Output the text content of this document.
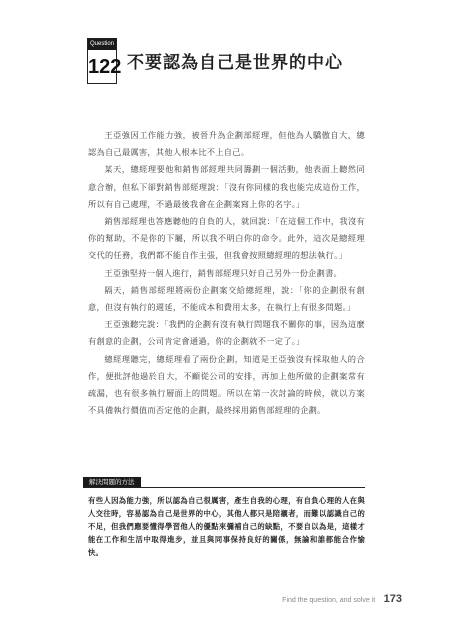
Question
122 不要認為自己是世界的中心

王亞強因工作能力強，被晉升為企劃部經理，但他為人驕傲自大，總認為自己最厲害，其他人根本比不上自己。

某天，總經理要他和銷售部經理共同籌劃一個活動，他表面上聽然同意合辦，但私下卻對銷售部經理說：「沒有你同樣的我也能完成這份工作，所以有自己處理，不過最後我會在企劃案寫上你的名字。」

銷售部經理也答應聽他的自負的人，就回說：「在這個工作中，我沒有你的幫助，不是你的下屬，所以我不明白你的命令。此外，這次是總經理交代的任務，我們都不能自作主張，但我會按照總經理的想法執行。」

王亞強堅持一個人進行，銷售部經理只好自己另外一份企劃書。

隔天，銷售部經理將兩份企劃案交給總經理，說：「你的企劃很有創意，但沒有執行的週延，不能成本和費用太多，在執行上有很多問題。」

王亞強聽完說：「我們的企劃有沒有執行問題我不關你的事，因為這麼有創意的企劃，公司肯定會通過，你的企劃就不一定了。」

總經理聽完，總經理看了兩份企劃，知道是王亞強沒有採取他人的合作，便批評他過於自大，不顧從公司的安排，再加上他所做的企劃案常有疏漏，也有很多執行層面上的問題。所以在第一次討論的時候，就以方案不具備執行價值而否定他的企劃，最終採用銷售部經理的企劃。

解決問題的方法
有些人因為能力強，所以認為自己很厲害，產生自我的心理，有自負心理的人在與人交往時，容易認為自己是世界的中心，其他人都只是陪襯者，而難以認識自己的不足，但我們應要懂得學習他人的優點來彌補自己的缺點，不要自以為是，這樣才能在工作和生活中取得進步，並且與同事保持良好的關係，無論和誰都能合作愉快。
Find the question, and solve it 173
